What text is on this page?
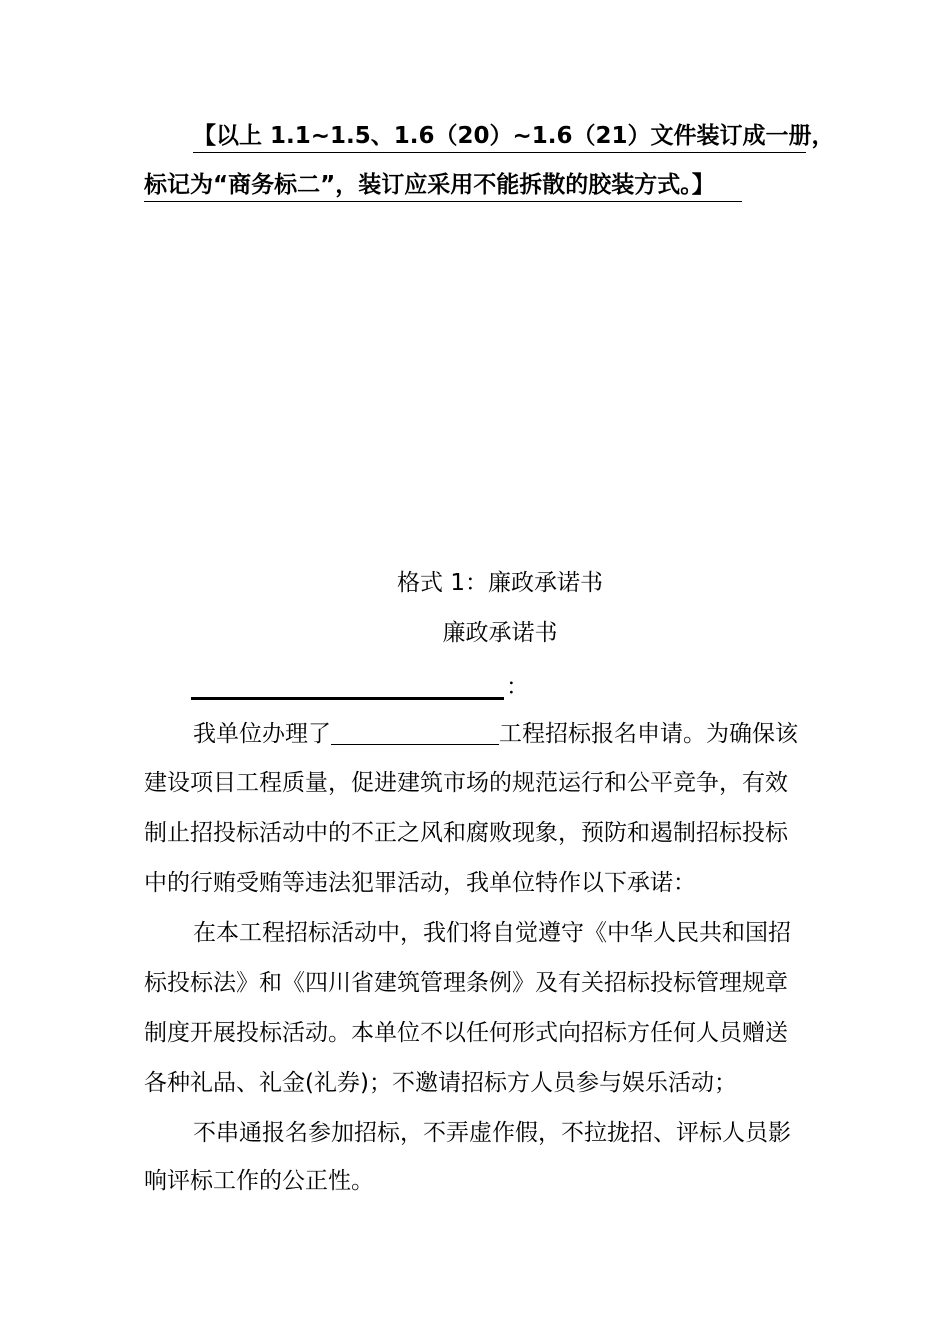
【以上 1.1~1.5、1.6（20）~1.6（21）文件装订成一册，
标记为“商务标二”，装订应采用不能拆散的胶装方式。】
格式 1：廉政承诺书
廉政承诺书
：
我单位办理了	工程招标报名申请。为确保该
建设项目工程质量，促进建筑市场的规范运行和公平竞争，有效
制止招投标活动中的不正之风和腐败现象，预防和遏制招标投标
中的行贿受贿等违法犯罪活动，我单位特作以下承诺：
在本工程招标活动中，我们将自觉遵守《中华人民共和国招
标投标法》和《四川省建筑管理条例》及有关招标投标管理规章
制度开展投标活动。本单位不以任何形式向招标方任何人员赠送
各种礼品、礼金(礼券)；不邀请招标方人员参与娱乐活动；
不串通报名参加招标，不弄虚作假，不拉拢招、评标人员影
响评标工作的公正性。
